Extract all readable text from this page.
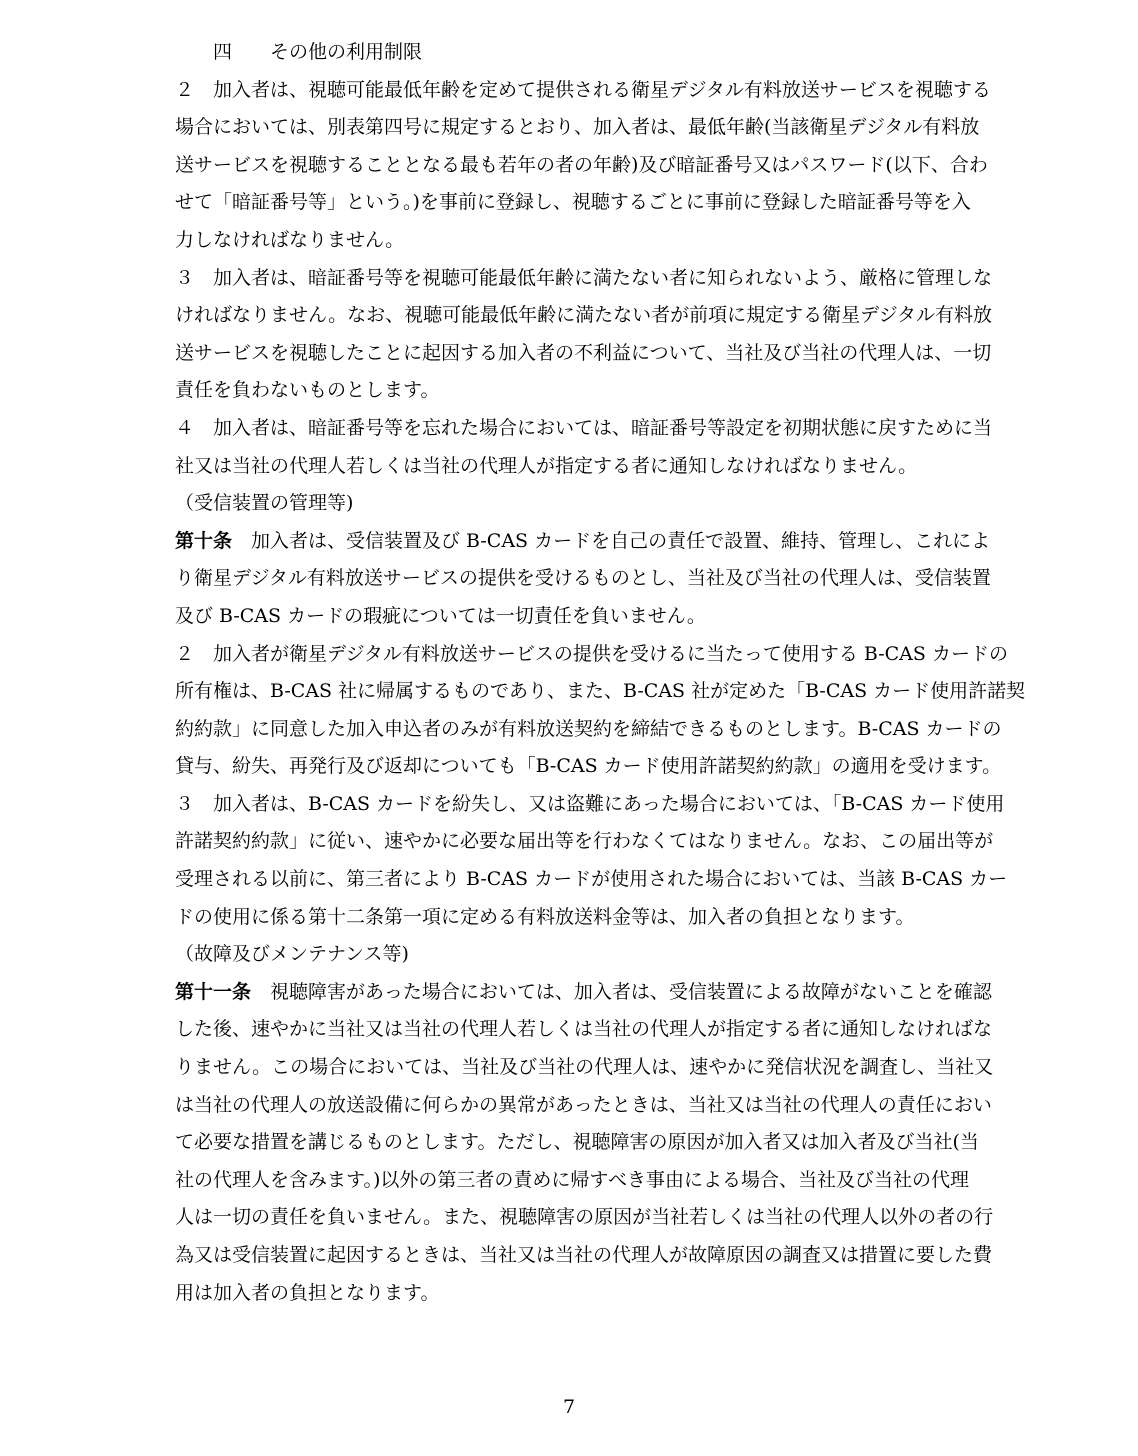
　　四　　その他の利用制限
２　加入者は、視聴可能最低年齢を定めて提供される衛星デジタル有料放送サービスを視聴する
場合においては、別表第四号に規定するとおり、加入者は、最低年齢(当該衛星デジタル有料放
送サービスを視聴することとなる最も若年の者の年齢)及び暗証番号又はパスワード(以下、合わ
せて「暗証番号等」という。)を事前に登録し、視聴するごとに事前に登録した暗証番号等を入
力しなければなりません。
３　加入者は、暗証番号等を視聴可能最低年齢に満たない者に知られないよう、厳格に管理しな
ければなりません。なお、視聴可能最低年齢に満たない者が前項に規定する衛星デジタル有料放
送サービスを視聴したことに起因する加入者の不利益について、当社及び当社の代理人は、一切
責任を負わないものとします。
４　加入者は、暗証番号等を忘れた場合においては、暗証番号等設定を初期状態に戻すために当
社又は当社の代理人若しくは当社の代理人が指定する者に通知しなければなりません。
（受信装置の管理等)
第十条　加入者は、受信装置及び B-CAS カードを自己の責任で設置、維持、管理し、これによ
り衛星デジタル有料放送サービスの提供を受けるものとし、当社及び当社の代理人は、受信装置
及び B-CAS カードの瑕疵については一切責任を負いません。
２　加入者が衛星デジタル有料放送サービスの提供を受けるに当たって使用する B-CAS カードの
所有権は、B-CAS 社に帰属するものであり、また、B-CAS 社が定めた「B-CAS カード使用許諾契
約約款」に同意した加入申込者のみが有料放送契約を締結できるものとします。B-CAS カードの
貸与、紛失、再発行及び返却についても「B-CAS カード使用許諾契約約款」の適用を受けます。
３　加入者は、B-CAS カードを紛失し、又は盗難にあった場合においては、「B-CAS カード使用
許諾契約約款」に従い、速やかに必要な届出等を行わなくてはなりません。なお、この届出等が
受理される以前に、第三者により B-CAS カードが使用された場合においては、当該 B-CAS カー
ドの使用に係る第十二条第一項に定める有料放送料金等は、加入者の負担となります。
（故障及びメンテナンス等)
第十一条　視聴障害があった場合においては、加入者は、受信装置による故障がないことを確認
した後、速やかに当社又は当社の代理人若しくは当社の代理人が指定する者に通知しなければな
りません。この場合においては、当社及び当社の代理人は、速やかに発信状況を調査し、当社又
は当社の代理人の放送設備に何らかの異常があったときは、当社又は当社の代理人の責任におい
て必要な措置を講じるものとします。ただし、視聴障害の原因が加入者又は加入者及び当社(当
社の代理人を含みます。)以外の第三者の責めに帰すべき事由による場合、当社及び当社の代理
人は一切の責任を負いません。また、視聴障害の原因が当社若しくは当社の代理人以外の者の行
為又は受信装置に起因するときは、当社又は当社の代理人が故障原因の調査又は措置に要した費
用は加入者の負担となります。
7
